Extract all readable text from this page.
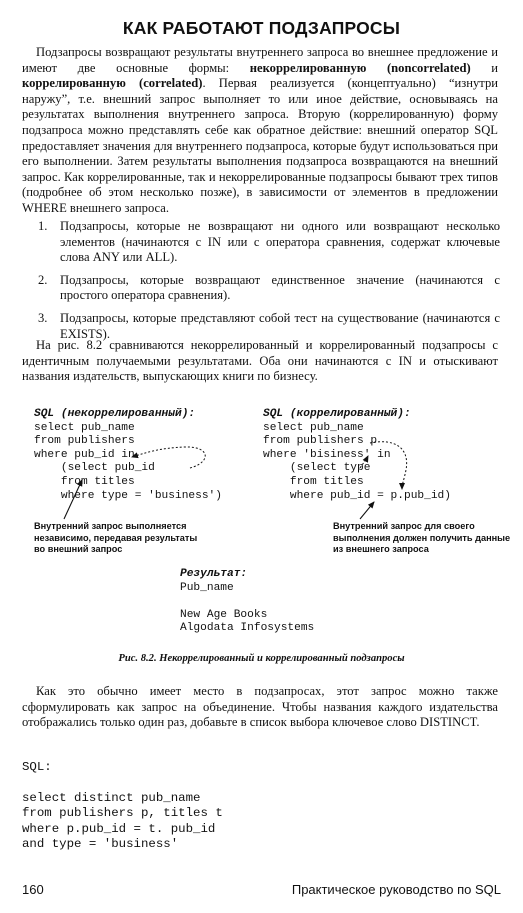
КАК РАБОТАЮТ ПОДЗАПРОСЫ

Подзапросы возвращают результаты внутреннего запроса во внешнее предложение и имеют две основные формы: некоррелированную (noncorrelated) и коррелированную (correlated). Первая реализуется (концептуально) “изнутри наружу”, т.е. внешний запрос выполняет то или иное действие, основываясь на результатах выполнения внутреннего запроса. Вторую (коррелированную) форму подзапроса можно представлять себе как обратное действие: внешний оператор SQL предоставляет значения для внутреннего подзапроса, которые будут использоваться при его выполнении. Затем результаты выполнения подзапроса возвращаются на внешний запрос. Как коррелированные, так и некоррелированные подзапросы бывают трех типов (подробнее об этом несколько позже), в зависимости от элементов в предложении WHERE внешнего запроса.

1. Подзапросы, которые не возвращают ни одного или возвращают несколько элементов (начинаются с IN или с оператора сравнения, содержат ключевые слова ANY или ALL).
2. Подзапросы, которые возвращают единственное значение (начинаются с простого оператора сравнения).
3. Подзапросы, которые представляют собой тест на существование (начинаются с EXISTS).

На рис. 8.2 сравниваются некоррелированный и коррелированный подзапросы с идентичным получаемыми результатами. Оба они начинаются с IN и отыскивают названия издательств, выпускающих книги по бизнесу.

SQL (некоррелированный):
select pub_name
from publishers
where pub_id in
(select pub_id
from titles
where type = 'business')
SQL (коррелированный):
select pub_name
from publishers p
where 'bisiness' in
(select type
from titles
where pub_id = p.pub_id)
Внутренний запрос выполняется
независимо, передавая результаты
во внешний запрос
Внутренний запрос для своего
выполнения должен получить данные
из внешнего запроса
Результат:
Pub_name
New Age Books
Algodata Infosystems
Рис. 8.2. Некоррелированный и коррелированный подзапросы

Как это обычно имеет место в подзапросах, этот запрос можно также сформулировать как запрос на объединение. Чтобы названия каждого издательства отображались только один раз, добавьте в список выбора ключевое слово DISTINCT.

SQL:

select distinct pub_name
from publishers p, titles t
where p.pub_id = t. pub_id
and type = 'business'
160	Практическое руководство по SQL
